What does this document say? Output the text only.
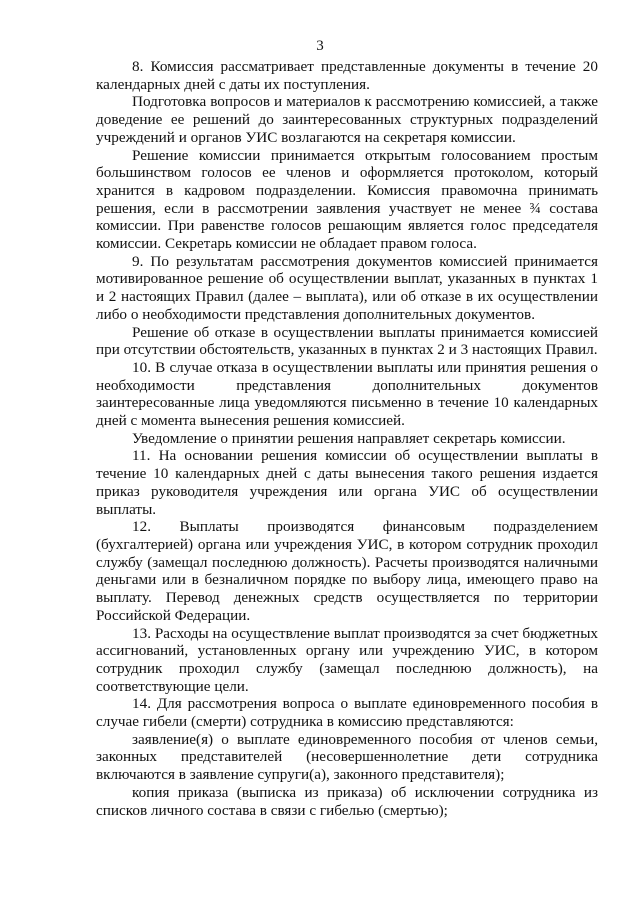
3

8. Комиссия рассматривает представленные документы в течение 20 календарных дней с даты их поступления.

Подготовка вопросов и материалов к рассмотрению комиссией, а также доведение ее решений до заинтересованных структурных подразделений учреждений и органов УИС возлагаются на секретаря комиссии.

Решение комиссии принимается открытым голосованием простым большинством голосов ее членов и оформляется протоколом, который хранится в кадровом подразделении. Комиссия правомочна принимать решения, если в рассмотрении заявления участвует не менее ¾ состава комиссии. При равенстве голосов решающим является голос председателя комиссии. Секретарь комиссии не обладает правом голоса.

9. По результатам рассмотрения документов комиссией принимается мотивированное решение об осуществлении выплат, указанных в пунктах 1 и 2 настоящих Правил (далее – выплата), или об отказе в их осуществлении либо о необходимости представления дополнительных документов.

Решение об отказе в осуществлении выплаты принимается комиссией при отсутствии обстоятельств, указанных в пунктах 2 и 3 настоящих Правил.

10. В случае отказа в осуществлении выплаты или принятия решения о необходимости представления дополнительных документов заинтересованные лица уведомляются письменно в течение 10 календарных дней с момента вынесения решения комиссией.

Уведомление о принятии решения направляет секретарь комиссии.

11. На основании решения комиссии об осуществлении выплаты в течение 10 календарных дней с даты вынесения такого решения издается приказ руководителя учреждения или органа УИС об осуществлении выплаты.

12. Выплаты производятся финансовым подразделением (бухгалтерией) органа или учреждения УИС, в котором сотрудник проходил службу (замещал последнюю должность). Расчеты производятся наличными деньгами или в безналичном порядке по выбору лица, имеющего право на выплату. Перевод денежных средств осуществляется по территории Российской Федерации.

13. Расходы на осуществление выплат производятся за счет бюджетных ассигнований, установленных органу или учреждению УИС, в котором сотрудник проходил службу (замещал последнюю должность), на соответствующие цели.

14. Для рассмотрения вопроса о выплате единовременного пособия в случае гибели (смерти) сотрудника в комиссию представляются:

заявление(я) о выплате единовременного пособия от членов семьи, законных представителей (несовершеннолетние дети сотрудника включаются в заявление супруги(а), законного представителя);

копия приказа (выписка из приказа) об исключении сотрудника из списков личного состава в связи с гибелью (смертью);
